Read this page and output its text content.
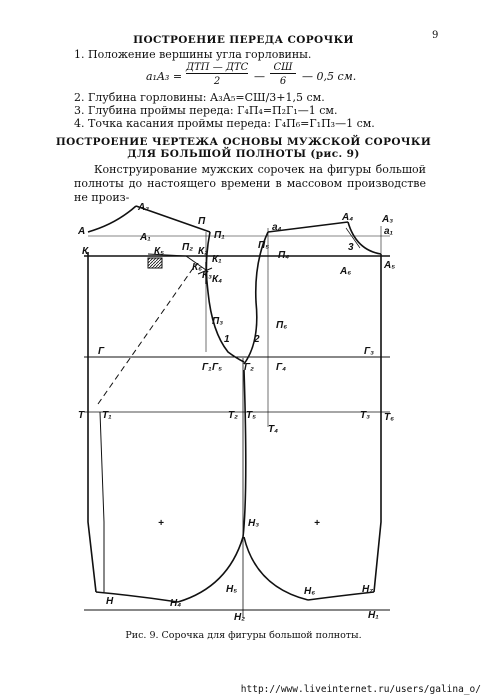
9
ПОСТРОЕНИЕ ПЕРЕДА СОРОЧКИ
1. Положение вершины угла горловины.
a₁A₃ =
ДТП — ДТС
2	—
СШ
6	— 0,5 см.
2. Глубина горловины: А₃А₅=СШ/3+1,5 см.
3. Глубина проймы переда: Г₄П₄=П₂Г₁—1 см.
4. Точка касания проймы переда: Г₄П₆=Г₁П₃—1 см.
ПОСТРОЕНИЕ ЧЕРТЕЖА ОСНОВЫ МУЖСКОЙ СОРОЧКИ
ДЛЯ БОЛЬШОЙ ПОЛНОТЫ (рис. 9)
Конструирование мужских сорочек на фигуры большой полноты до настоящего времени в массовом производстве не произ-
А
А₁
А₂
П
П₁
К	К₅ П₂ К₂
К₁
К₆
К₃ К₄
П₃
1 2
П₆
П₅
П₄
а₄
А₄	А₃
а₁
3
А₆
А₅
Г
Г₁ Г₅ Г₂ Г₄
Г₃
Т Т₁	Т₂ Т₅
Т₄
Т₃ Т₆
+	+
Н₃
Н	Н₄
Н₅	Н₆	Н₇
Н₂	Н₁
Рис. 9. Сорочка для фигуры большой полноты.
http://www.liveinternet.ru/users/galina_o/
